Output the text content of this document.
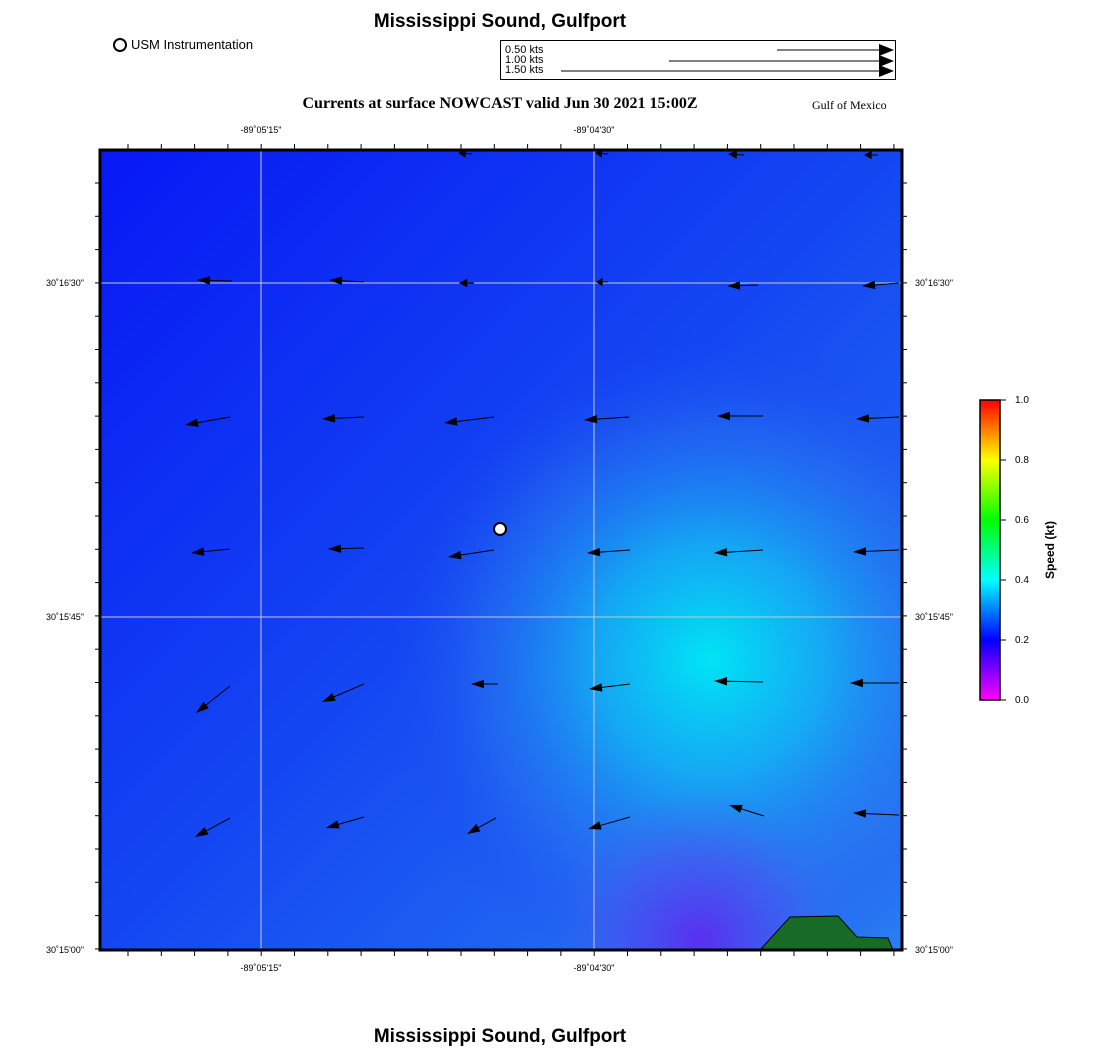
Mississippi Sound, Gulfport
USM Instrumentation	0.50 kts
1.00 kts
1.50 kts
Currents at surface NOWCAST valid Jun 30 2021 15:00Z	Gulf of Mexico
-89˚05'15"	-89˚04'30"
-89˚05'15"	-89˚04'30"
30˚16'30"
30˚15'45"
30˚15'00"
30˚16'30"
30˚15'45"
30˚15'00"
0.0
0.2
0.4
0.6
0.8
1.0
Speed (kt)
Mississippi Sound, Gulfport
